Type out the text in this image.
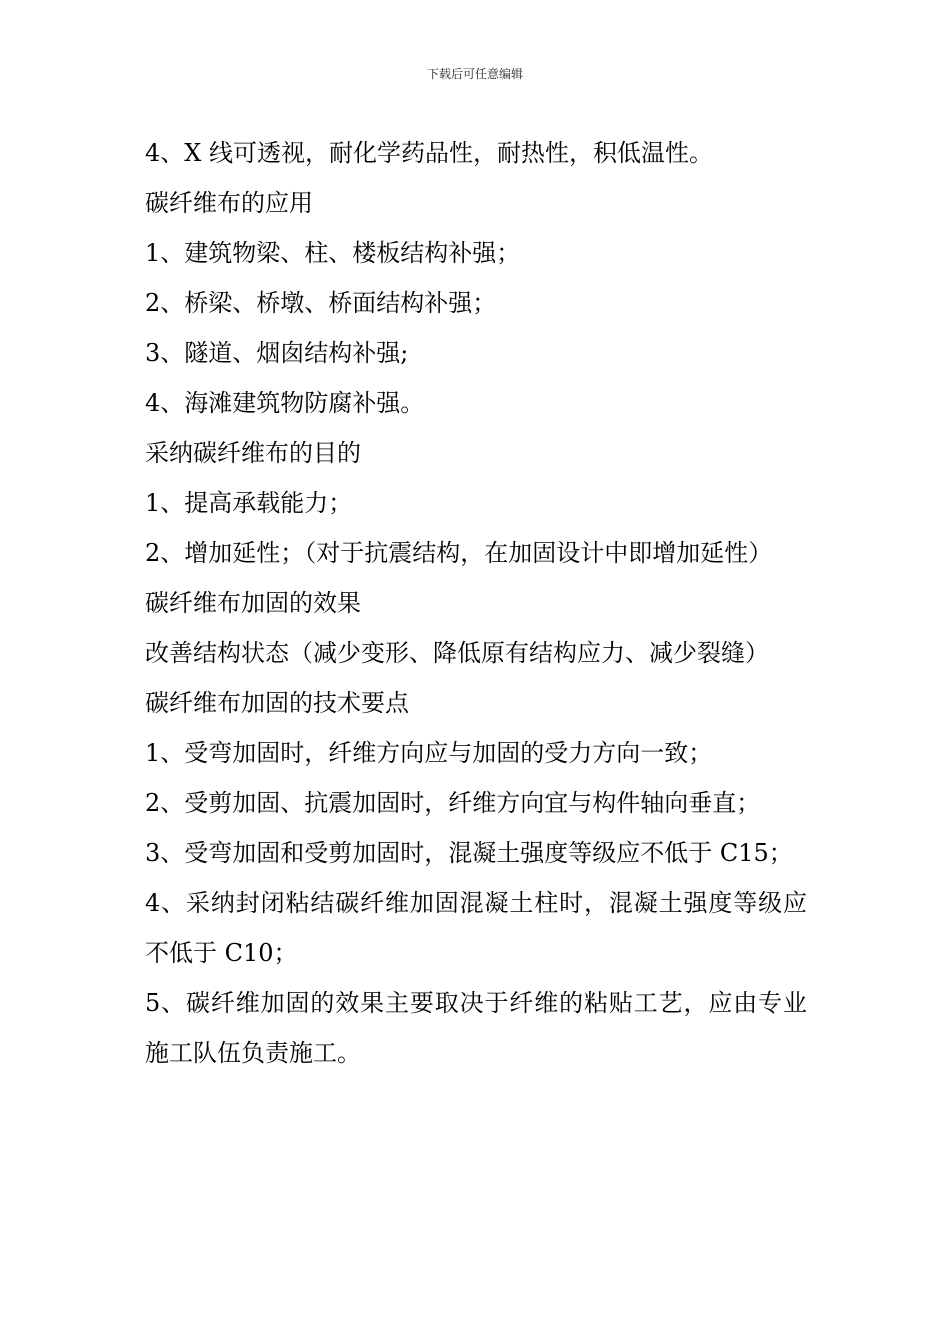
下载后可任意编辑

4、X 线可透视，耐化学药品性，耐热性，积低温性。

碳纤维布的应用

1、建筑物梁、柱、楼板结构补强；

2、桥梁、桥墩、桥面结构补强；

3、隧道、烟囱结构补强;

4、海滩建筑物防腐补强。

采纳碳纤维布的目的

1、提高承载能力；

2、增加延性；（对于抗震结构，在加固设计中即增加延性）

碳纤维布加固的效果

改善结构状态（减少变形、降低原有结构应力、减少裂缝）

碳纤维布加固的技术要点

1、受弯加固时，纤维方向应与加固的受力方向一致；

2、受剪加固、抗震加固时，纤维方向宜与构件轴向垂直；

3、受弯加固和受剪加固时，混凝土强度等级应不低于 C15；

4、采纳封闭粘结碳纤维加固混凝土柱时，混凝土强度等级应不低于 C10；

5、碳纤维加固的效果主要取决于纤维的粘贴工艺，应由专业施工队伍负责施工。
